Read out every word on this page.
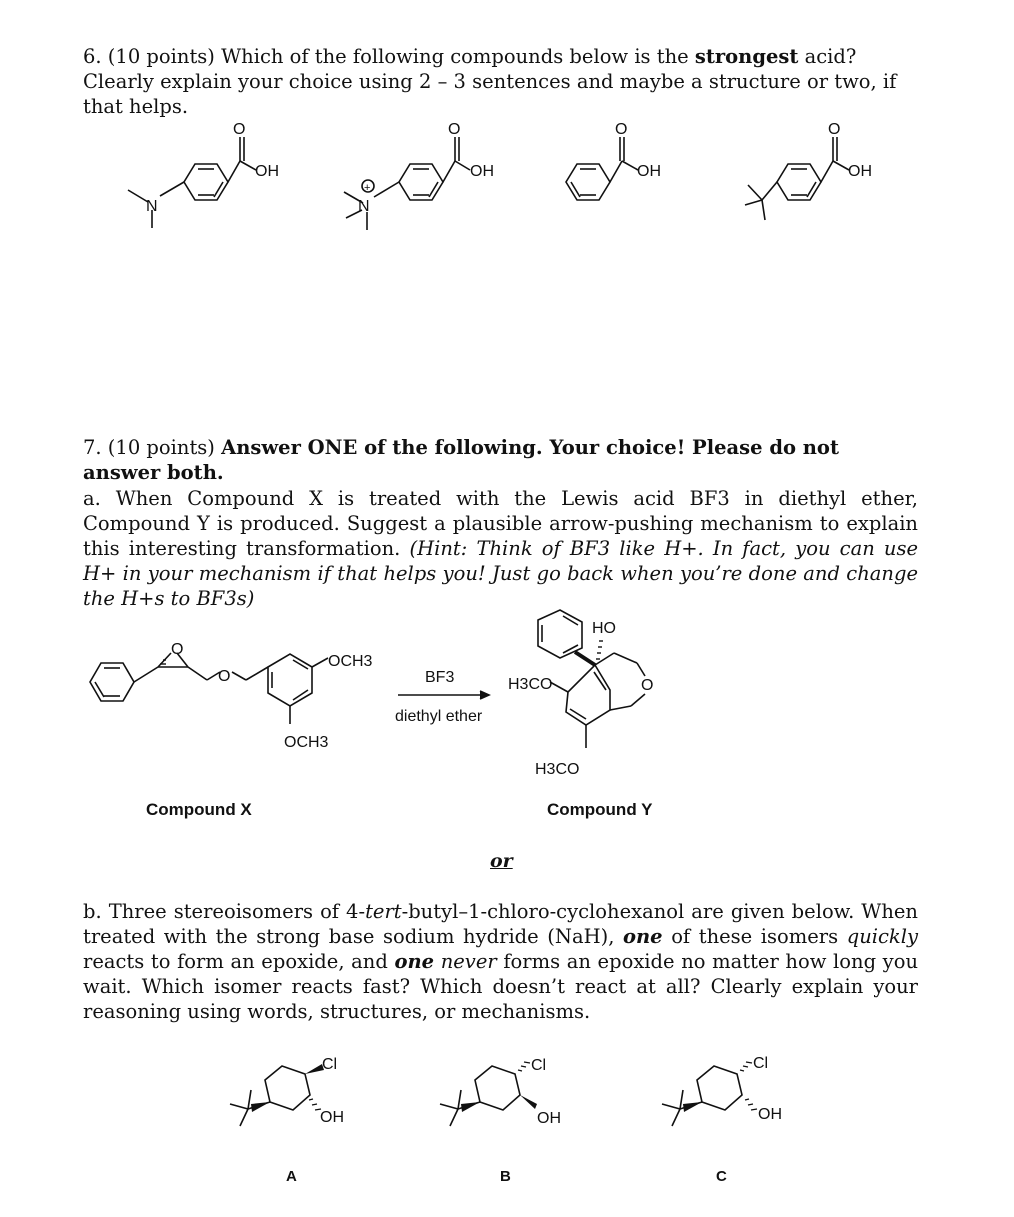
6. (10 points) Which of the following compounds below is the strongest acid? Clearly explain your choice using 2 – 3 sentences and maybe a structure or two, if that helps.
O
OH
N
O
OH
N
+
O
OH
O
OH
7. (10 points) Answer ONE of the following. Your choice! Please do not answer both.
a. When Compound X is treated with the Lewis acid BF3 in diethyl ether, Compound Y is produced. Suggest a plausible arrow-pushing mechanism to explain this interesting transformation. (Hint: Think of BF3 like H+. In fact, you can use H+ in your mechanism if that helps you! Just go back when you’re done and change the H+s to BF3s)
O
O
OCH3
OCH3
BF3
diethyl ether
HO
O
H3CO
H3CO
Compound X	Compound Y
or
b. Three stereoisomers of 4-tert-butyl–1-chloro-cyclohexanol are given below. When treated with the strong base sodium hydride (NaH), one of these isomers quickly reacts to form an epoxide, and one never forms an epoxide no matter how long you wait. Which isomer reacts fast? Which doesn’t react at all? Clearly explain your reasoning using words, structures, or mechanisms.
Cl
OH
Cl
OH
Cl
OH
A	B	C
